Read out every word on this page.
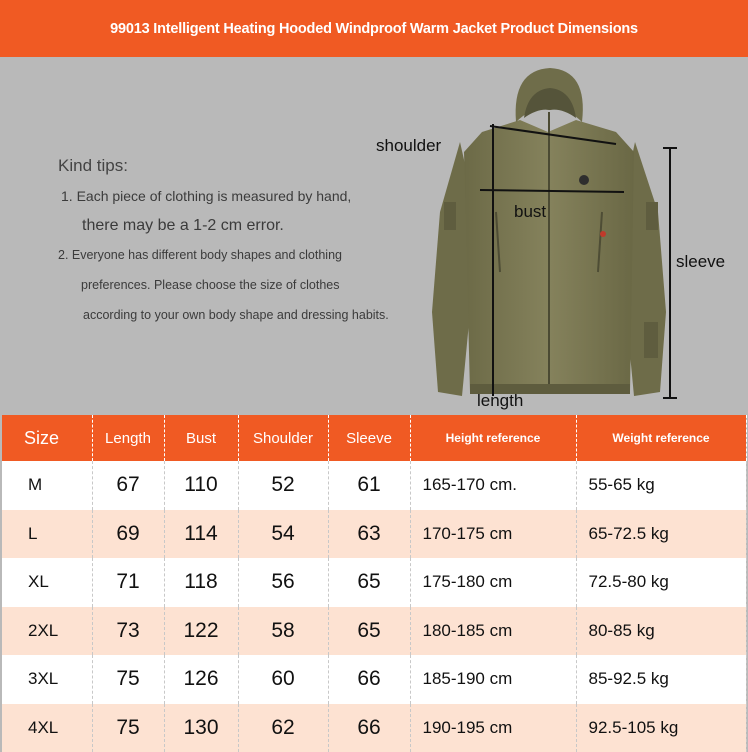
99013 Intelligent Heating Hooded Windproof Warm Jacket Product Dimensions
Kind tips:
1. Each piece of clothing is measured by hand,
there may be a 1-2 cm error.
2. Everyone has different body shapes and clothing
preferences. Please choose the size of clothes
according to your own body shape and dressing habits.
shoulder
bust
sleeve
length
Size	Length	Bust	Shoulder	Sleeve	Height reference	Weight reference
M	67	110	52	61	165-170 cm.	55-65 kg
L	69	114	54	63	170-175 cm	65-72.5 kg
XL	71	118	56	65	175-180 cm	72.5-80 kg
2XL	73	122	58	65	180-185 cm	80-85 kg
3XL	75	126	60	66	185-190 cm	85-92.5 kg
4XL	75	130	62	66	190-195 cm	92.5-105 kg
